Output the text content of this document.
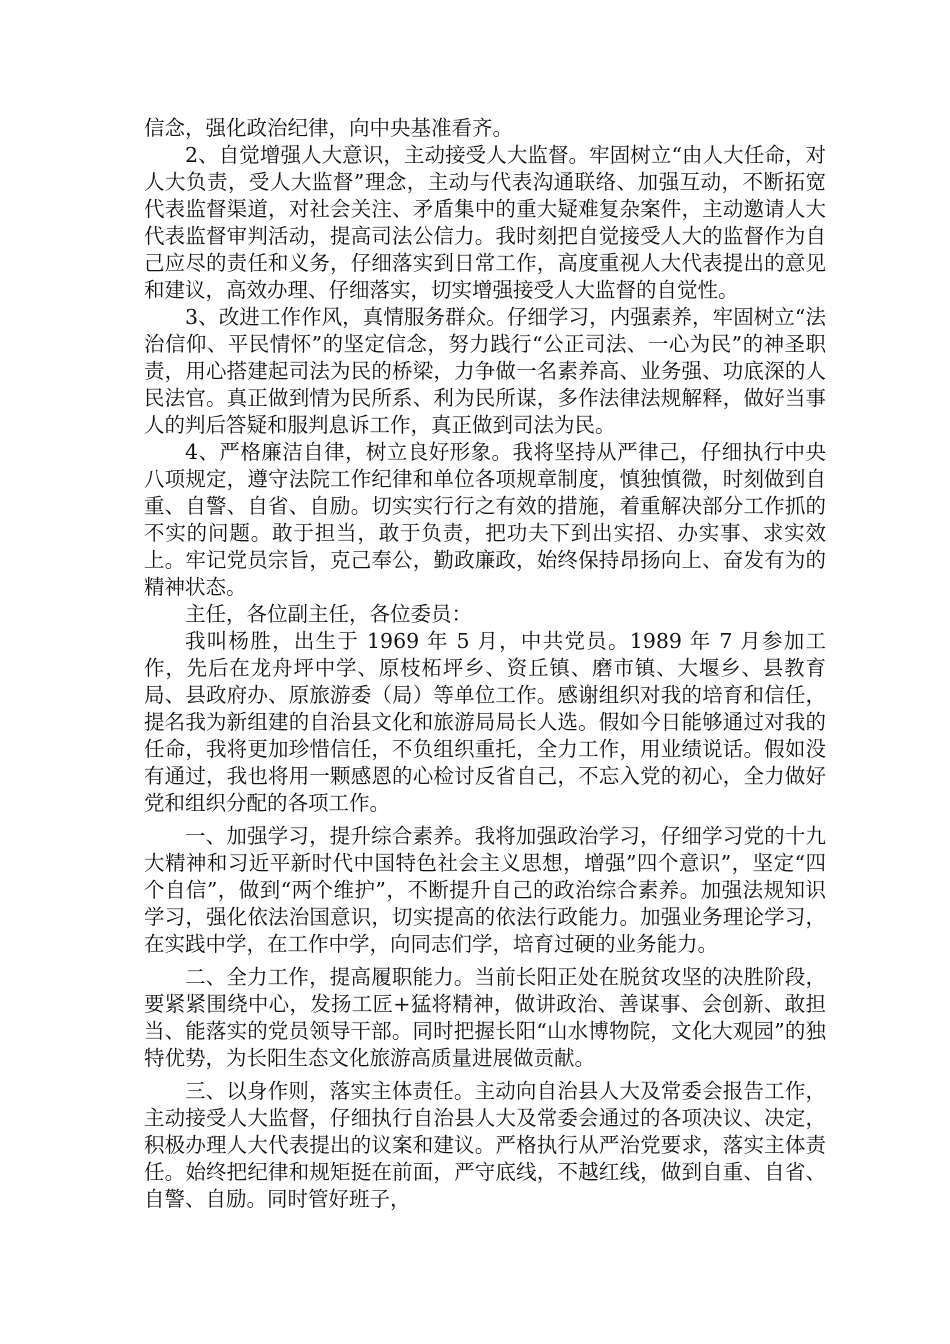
信念，强化政治纪律，向中央基准看齐。

2、自觉增强人大意识，主动接受人大监督。牢固树立“由人大任命，对人大负责，受人大监督”理念，主动与代表沟通联络、加强互动，不断拓宽代表监督渠道，对社会关注、矛盾集中的重大疑难复杂案件，主动邀请人大代表监督审判活动，提高司法公信力。我时刻把自觉接受人大的监督作为自己应尽的责任和义务，仔细落实到日常工作，高度重视人大代表提出的意见和建议，高效办理、仔细落实，切实增强接受人大监督的自觉性。

3、改进工作作风，真情服务群众。仔细学习，内强素养，牢固树立“法治信仰、平民情怀”的坚定信念，努力践行“公正司法、一心为民”的神圣职责，用心搭建起司法为民的桥梁，力争做一名素养高、业务强、功底深的人民法官。真正做到情为民所系、利为民所谋，多作法律法规解释，做好当事人的判后答疑和服判息诉工作，真正做到司法为民。

4、严格廉洁自律，树立良好形象。我将坚持从严律己，仔细执行中央八项规定，遵守法院工作纪律和单位各项规章制度，慎独慎微，时刻做到自重、自警、自省、自励。切实实行行之有效的措施，着重解决部分工作抓的不实的问题。敢于担当，敢于负责，把功夫下到出实招、办实事、求实效上。牢记党员宗旨，克己奉公，勤政廉政，始终保持昂扬向上、奋发有为的精神状态。

主任，各位副主任，各位委员：

我叫杨胜，出生于 1969 年 5 月，中共党员。1989 年 7 月参加工作，先后在龙舟坪中学、原枝柘坪乡、资丘镇、磨市镇、大堰乡、县教育局、县政府办、原旅游委（局）等单位工作。感谢组织对我的培育和信任，提名我为新组建的自治县文化和旅游局局长人选。假如今日能够通过对我的任命，我将更加珍惜信任，不负组织重托，全力工作，用业绩说话。假如没有通过，我也将用一颗感恩的心检讨反省自己，不忘入党的初心，全力做好党和组织分配的各项工作。

一、加强学习，提升综合素养。我将加强政治学习，仔细学习党的十九大精神和习近平新时代中国特色社会主义思想，增强”四个意识”，坚定“四个自信”，做到“两个维护”，不断提升自己的政治综合素养。加强法规知识学习，强化依法治国意识，切实提高的依法行政能力。加强业务理论学习，在实践中学，在工作中学，向同志们学，培育过硬的业务能力。

二、全力工作，提高履职能力。当前长阳正处在脱贫攻坚的决胜阶段，要紧紧围绕中心，发扬工匠+猛将精神，做讲政治、善谋事、会创新、敢担当、能落实的党员领导干部。同时把握长阳“山水博物院，文化大观园”的独特优势，为长阳生态文化旅游高质量进展做贡献。

三、以身作则，落实主体责任。主动向自治县人大及常委会报告工作，主动接受人大监督，仔细执行自治县人大及常委会通过的各项决议、决定，积极办理人大代表提出的议案和建议。严格执行从严治党要求，落实主体责任。始终把纪律和规矩挺在前面，严守底线，不越红线，做到自重、自省、自警、自励。同时管好班子，
